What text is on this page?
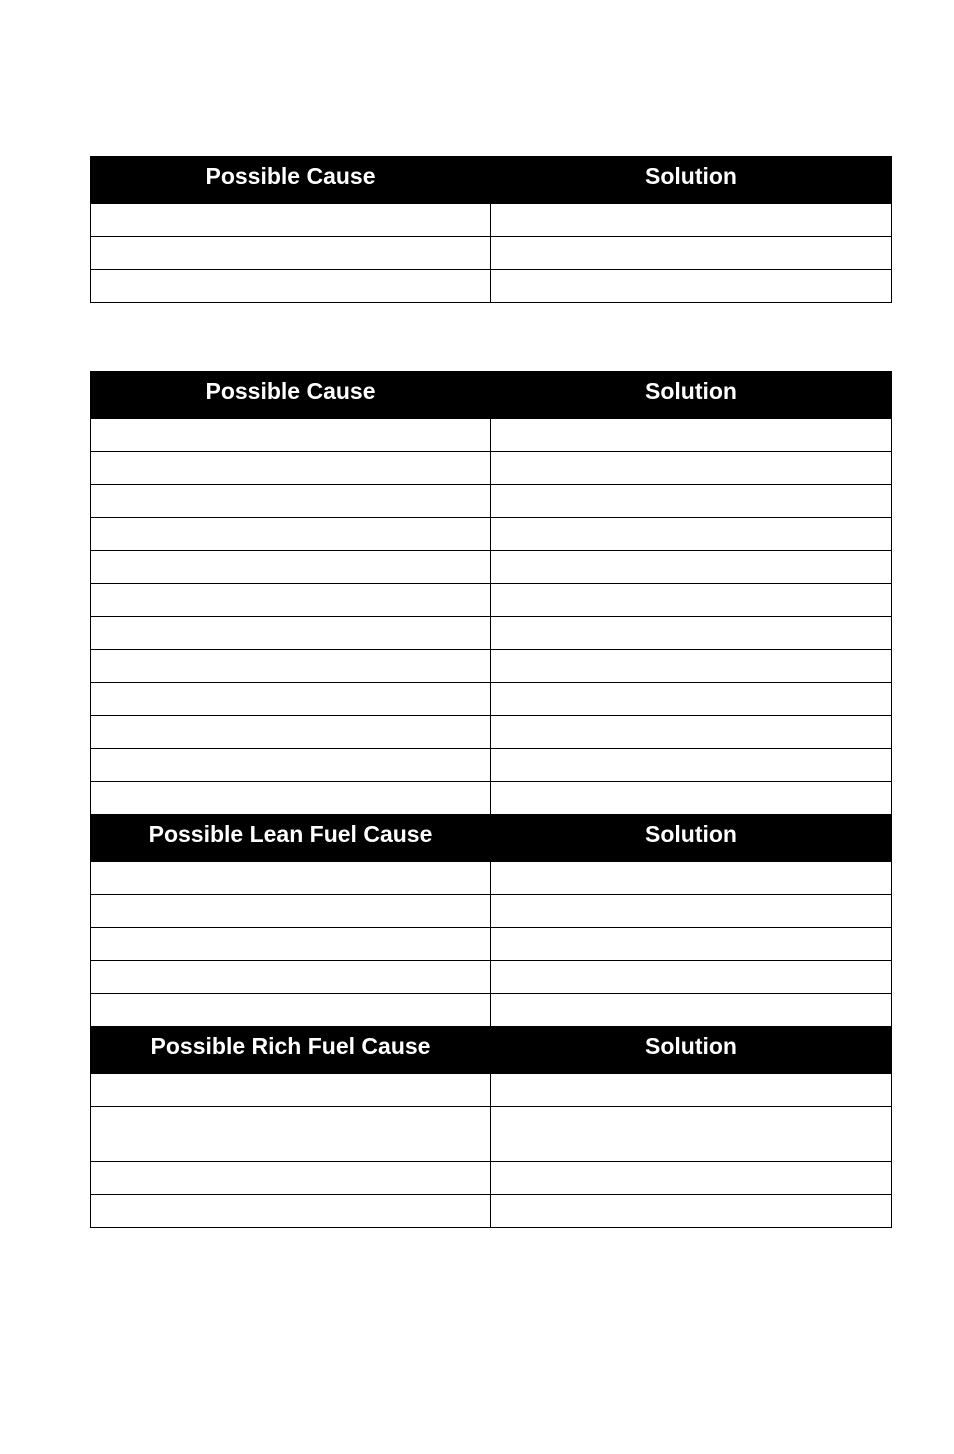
Possible Cause	Solution

Possible Cause	Solution

Possible Lean Fuel Cause	Solution

Possible Rich Fuel Cause	Solution
